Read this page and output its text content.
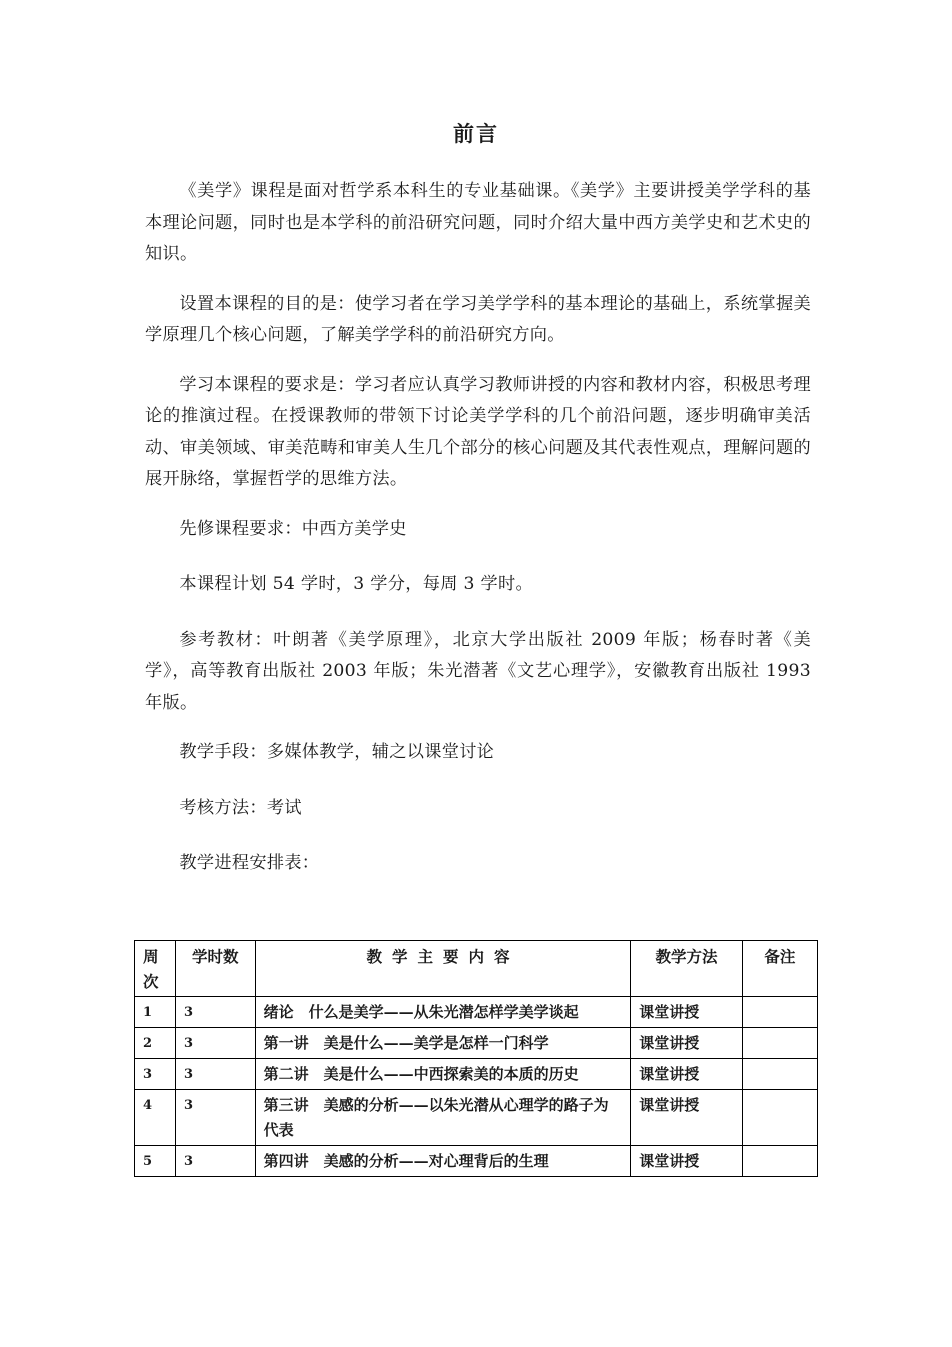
前言

《美学》课程是面对哲学系本科生的专业基础课。《美学》主要讲授美学学科的基本理论问题，同时也是本学科的前沿研究问题，同时介绍大量中西方美学史和艺术史的知识。

设置本课程的目的是：使学习者在学习美学学科的基本理论的基础上，系统掌握美学原理几个核心问题，了解美学学科的前沿研究方向。

学习本课程的要求是：学习者应认真学习教师讲授的内容和教材内容，积极思考理论的推演过程。在授课教师的带领下讨论美学学科的几个前沿问题，逐步明确审美活动、审美领域、审美范畴和审美人生几个部分的核心问题及其代表性观点，理解问题的展开脉络，掌握哲学的思维方法。

先修课程要求：中西方美学史

本课程计划 54 学时，3 学分，每周 3 学时。

参考教材：叶朗著《美学原理》，北京大学出版社 2009 年版；杨春时著《美学》，高等教育出版社 2003 年版；朱光潜著《文艺心理学》，安徽教育出版社 1993 年版。

教学手段：多媒体教学，辅之以课堂讨论

考核方法：考试

教学进程安排表：

周次	学时数	教学主要内容	教学方法	备注
1	3	绪论　什么是美学——从朱光潜怎样学美学谈起	课堂讲授	
2	3	第一讲　美是什么——美学是怎样一门科学	课堂讲授	
3	3	第二讲　美是什么——中西探索美的本质的历史	课堂讲授	
4	3	第三讲　美感的分析——以朱光潜从心理学的路子为代表	课堂讲授	
5	3	第四讲　美感的分析——对心理背后的生理	课堂讲授	
